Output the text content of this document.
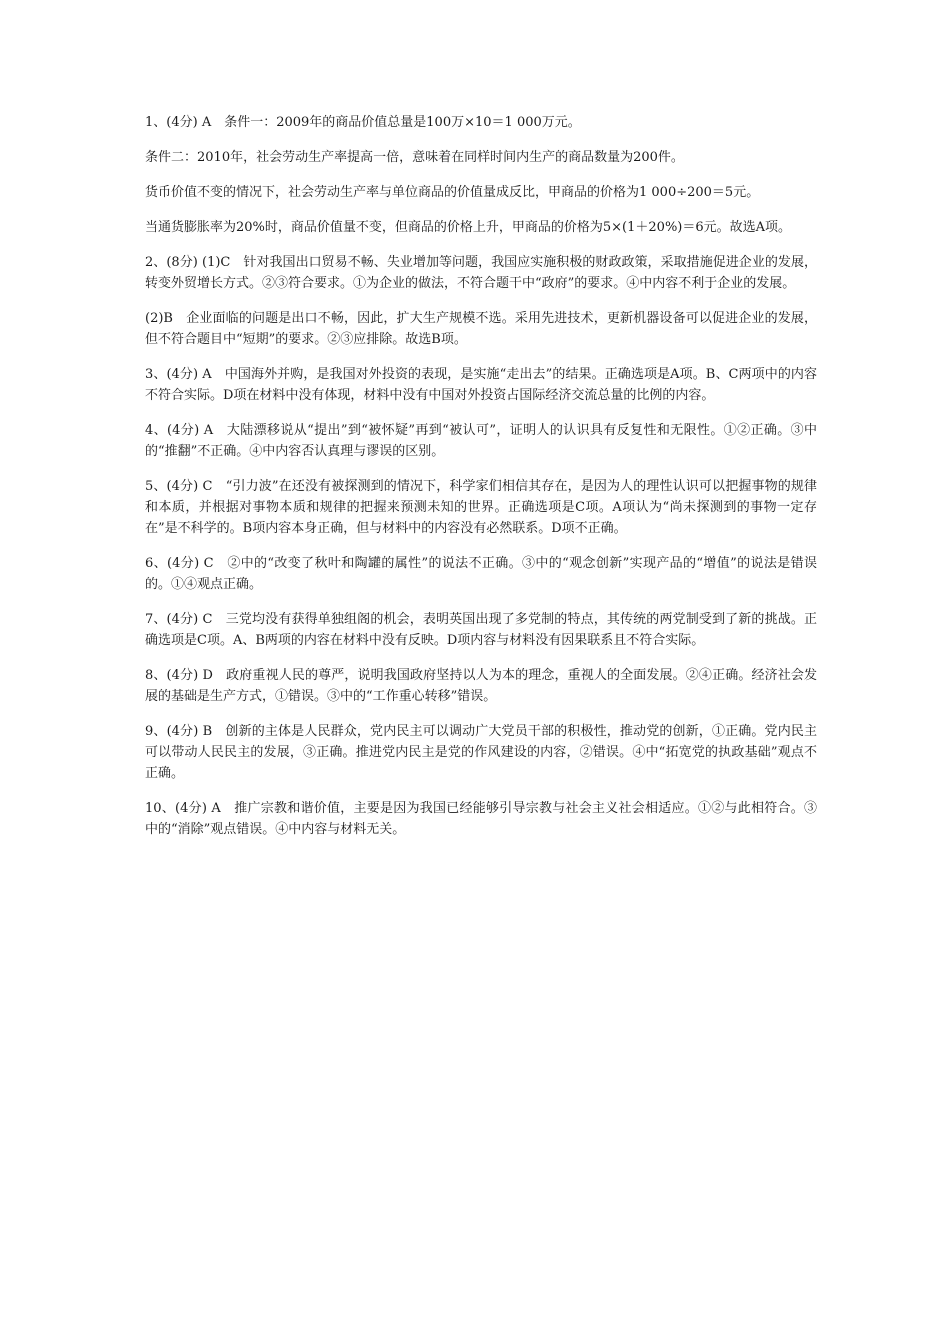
1、(4分) A　条件一：2009年的商品价值总量是100万×10＝1 000万元。

条件二：2010年，社会劳动生产率提高一倍，意味着在同样时间内生产的商品数量为200件。

货币价值不变的情况下，社会劳动生产率与单位商品的价值量成反比，甲商品的价格为1 000÷200＝5元。

当通货膨胀率为20%时，商品价值量不变，但商品的价格上升，甲商品的价格为5×(1＋20%)＝6元。故选A项。

2、(8分) (1)C　针对我国出口贸易不畅、失业增加等问题，我国应实施积极的财政政策，采取措施促进企业的发展，转变外贸增长方式。②③符合要求。①为企业的做法，不符合题干中“政府”的要求。④中内容不利于企业的发展。

(2)B　企业面临的问题是出口不畅，因此，扩大生产规模不选。采用先进技术，更新机器设备可以促进企业的发展，但不符合题目中“短期”的要求。②③应排除。故选B项。

3、(4分) A　中国海外并购，是我国对外投资的表现，是实施“走出去”的结果。正确选项是A项。B、C两项中的内容不符合实际。D项在材料中没有体现，材料中没有中国对外投资占国际经济交流总量的比例的内容。

4、(4分) A　大陆漂移说从“提出”到“被怀疑”再到“被认可”，证明人的认识具有反复性和无限性。①②正确。③中的“推翻”不正确。④中内容否认真理与谬误的区别。

5、(4分) C　“引力波”在还没有被探测到的情况下，科学家们相信其存在，是因为人的理性认识可以把握事物的规律和本质，并根据对事物本质和规律的把握来预测未知的世界。正确选项是C项。A项认为“尚未探测到的事物一定存在”是不科学的。B项内容本身正确，但与材料中的内容没有必然联系。D项不正确。

6、(4分) C　②中的“改变了秋叶和陶罐的属性”的说法不正确。③中的“观念创新”实现产品的“增值”的说法是错误的。①④观点正确。

7、(4分) C　三党均没有获得单独组阁的机会，表明英国出现了多党制的特点，其传统的两党制受到了新的挑战。正确选项是C项。A、B两项的内容在材料中没有反映。D项内容与材料没有因果联系且不符合实际。

8、(4分) D　政府重视人民的尊严，说明我国政府坚持以人为本的理念，重视人的全面发展。②④正确。经济社会发展的基础是生产方式，①错误。③中的“工作重心转移”错误。

9、(4分) B　创新的主体是人民群众，党内民主可以调动广大党员干部的积极性，推动党的创新，①正确。党内民主可以带动人民民主的发展，③正确。推进党内民主是党的作风建设的内容，②错误。④中“拓宽党的执政基础”观点不正确。

10、(4分) A　推广宗教和谐价值，主要是因为我国已经能够引导宗教与社会主义社会相适应。①②与此相符合。③中的“消除”观点错误。④中内容与材料无关。
